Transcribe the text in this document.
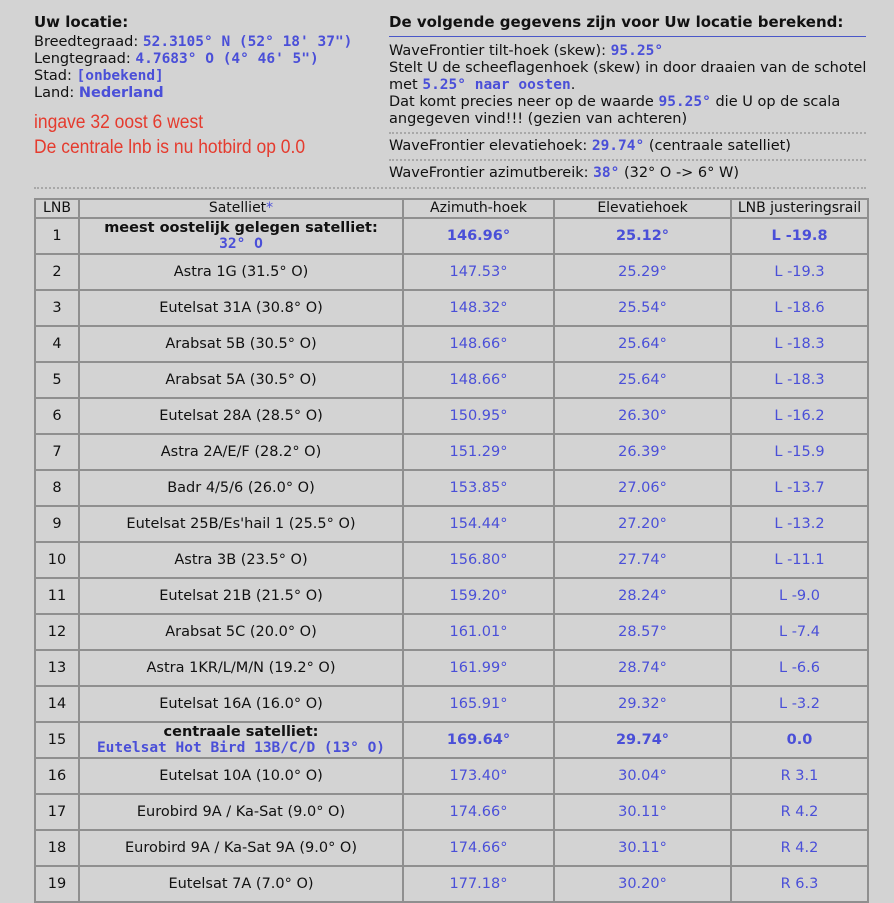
Uw locatie:
Breedtegraad: 52.3105° N (52° 18' 37")
Lengtegraad: 4.7683° O (4° 46' 5")
Stad: [onbekend]
Land: Nederland
ingave 32 oost 6 west
De centrale lnb is nu hotbird op 0.0
De volgende gegevens zijn voor Uw locatie berekend:
WaveFrontier tilt-hoek (skew): 95.25°
Stelt U de scheeflagenhoek (skew) in door draaien van de schotel
met 5.25° naar oosten.
Dat komt precies neer op de waarde 95.25° die U op de scala
angegeven vind!!! (gezien van achteren)
WaveFrontier elevatiehoek: 29.74° (centraale satelliet)
WaveFrontier azimutbereik: 38° (32° O -> 6° W)
LNB	Satelliet*	Azimuth-hoek	Elevatiehoek	LNB justeringsrail
1	meest oostelijk gelegen satelliet:
32° O	146.96°	25.12°	L -19.8
2	Astra 1G (31.5° O)	147.53°	25.29°	L -19.3
3	Eutelsat 31A (30.8° O)	148.32°	25.54°	L -18.6
4	Arabsat 5B (30.5° O)	148.66°	25.64°	L -18.3
5	Arabsat 5A (30.5° O)	148.66°	25.64°	L -18.3
6	Eutelsat 28A (28.5° O)	150.95°	26.30°	L -16.2
7	Astra 2A/E/F (28.2° O)	151.29°	26.39°	L -15.9
8	Badr 4/5/6 (26.0° O)	153.85°	27.06°	L -13.7
9	Eutelsat 25B/Es'hail 1 (25.5° O)	154.44°	27.20°	L -13.2
10	Astra 3B (23.5° O)	156.80°	27.74°	L -11.1
11	Eutelsat 21B (21.5° O)	159.20°	28.24°	L -9.0
12	Arabsat 5C (20.0° O)	161.01°	28.57°	L -7.4
13	Astra 1KR/L/M/N (19.2° O)	161.99°	28.74°	L -6.6
14	Eutelsat 16A (16.0° O)	165.91°	29.32°	L -3.2
15	centraale satelliet:
Eutelsat Hot Bird 13B/C/D (13° O)	169.64°	29.74°	0.0
16	Eutelsat 10A (10.0° O)	173.40°	30.04°	R 3.1
17	Eurobird 9A / Ka-Sat (9.0° O)	174.66°	30.11°	R 4.2
18	Eurobird 9A / Ka-Sat 9A (9.0° O)	174.66°	30.11°	R 4.2
19	Eutelsat 7A (7.0° O)	177.18°	30.20°	R 6.3
